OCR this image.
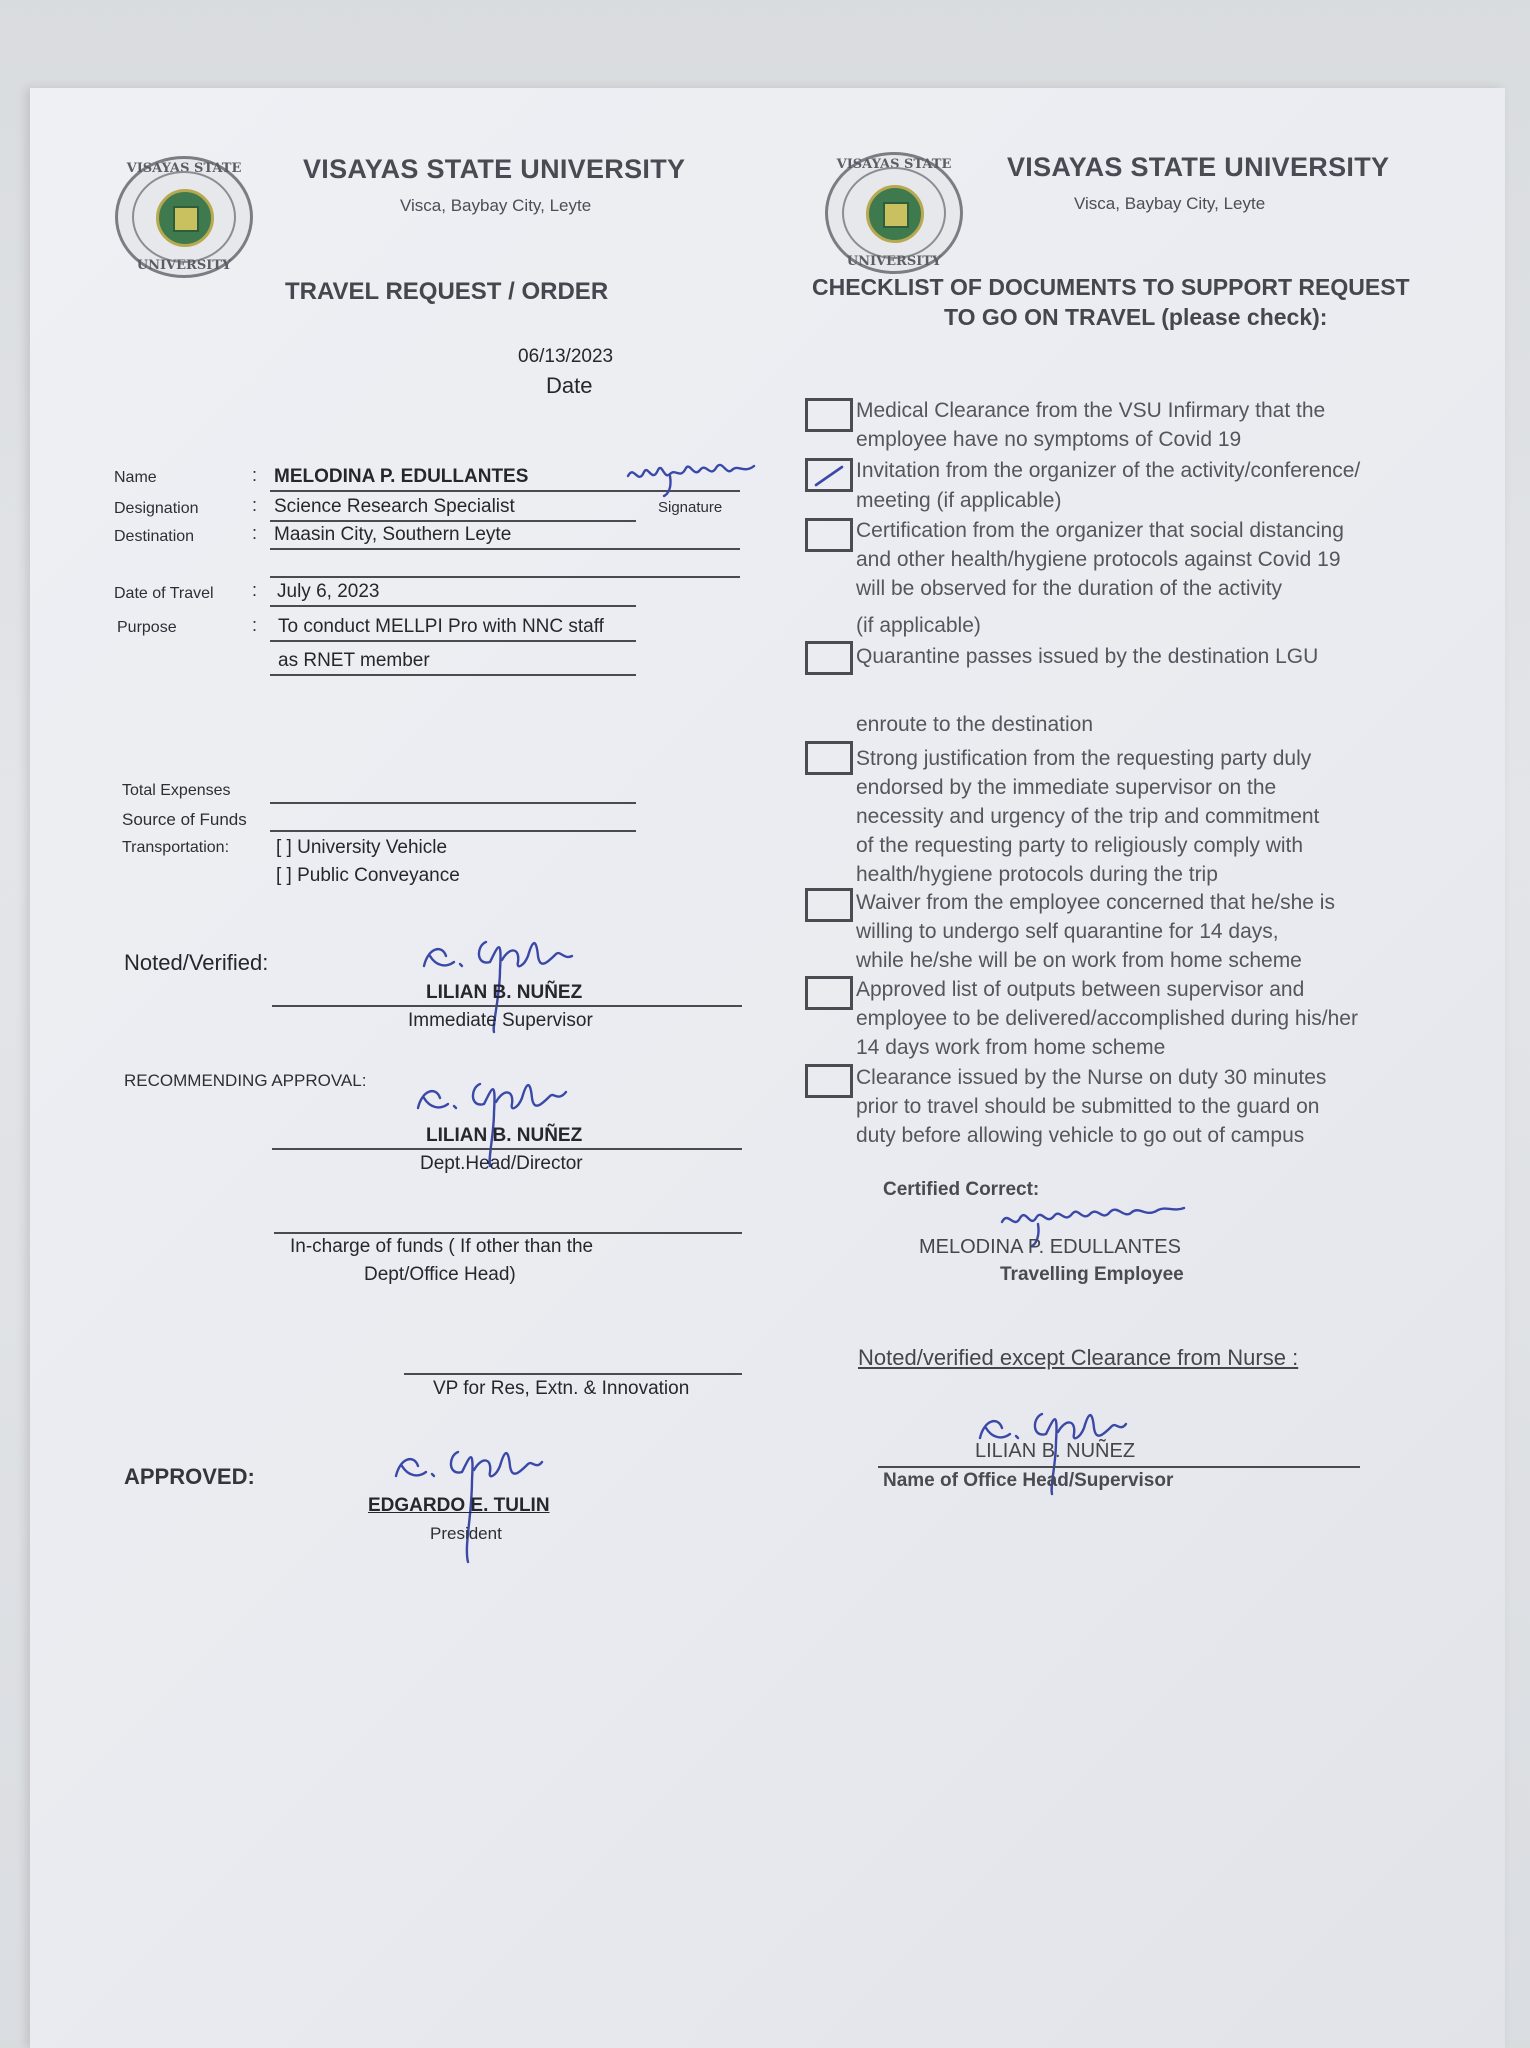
VISAYAS STATE
UNIVERSITY
VISAYAS STATE UNIVERSITY
Visca, Baybay City, Leyte
TRAVEL REQUEST / ORDER
06/13/2023
Date
Name	: MELODINA P. EDULLANTES
Signature
Designation	: Science Research Specialist
Destination	: Maasin City, Southern Leyte
Date of Travel : July 6, 2023
Purpose	: To conduct MELLPI Pro with NNC staff
as RNET member
Total Expenses
Source of Funds
Transportation: [ ] University Vehicle
[ ] Public Conveyance
Noted/Verified:
LILIAN B. NUÑEZ
Immediate Supervisor
RECOMMENDING APPROVAL:
LILIAN B. NUÑEZ
Dept.Head/Director
In-charge of funds ( If other than the
Dept/Office Head)
VP for Res, Extn. & Innovation
APPROVED:
EDGARDO E. TULIN
President
VISAYAS STATE
UNIVERSITY
VISAYAS STATE UNIVERSITY
Visca, Baybay City, Leyte
CHECKLIST OF DOCUMENTS TO SUPPORT REQUEST
TO GO ON TRAVEL (please check):
Medical Clearance from the VSU Infirmary that the
employee have no symptoms of Covid 19
Invitation from the organizer of the activity/conference/
meeting (if applicable)
Certification from the organizer that social distancing
and other health/hygiene protocols against Covid 19
will be observed for the duration of the activity
(if applicable)
Quarantine passes issued by the destination LGU
enroute to the destination
Strong justification from the requesting party duly
endorsed by the immediate supervisor on the
necessity and urgency of the trip and commitment
of the requesting party to religiously comply with
health/hygiene protocols during the trip
Waiver from the employee concerned that he/she is
willing to undergo self quarantine for 14 days,
while he/she will be on work from home scheme
Approved list of outputs between supervisor and
employee to be delivered/accomplished during his/her
14 days work from home scheme
Clearance issued by the Nurse on duty 30 minutes
prior to travel should be submitted to the guard on
duty before allowing vehicle to go out of campus
Certified Correct:
MELODINA P. EDULLANTES
Travelling Employee
Noted/verified except Clearance from Nurse :
LILIAN B. NUÑEZ
Name of Office Head/Supervisor
